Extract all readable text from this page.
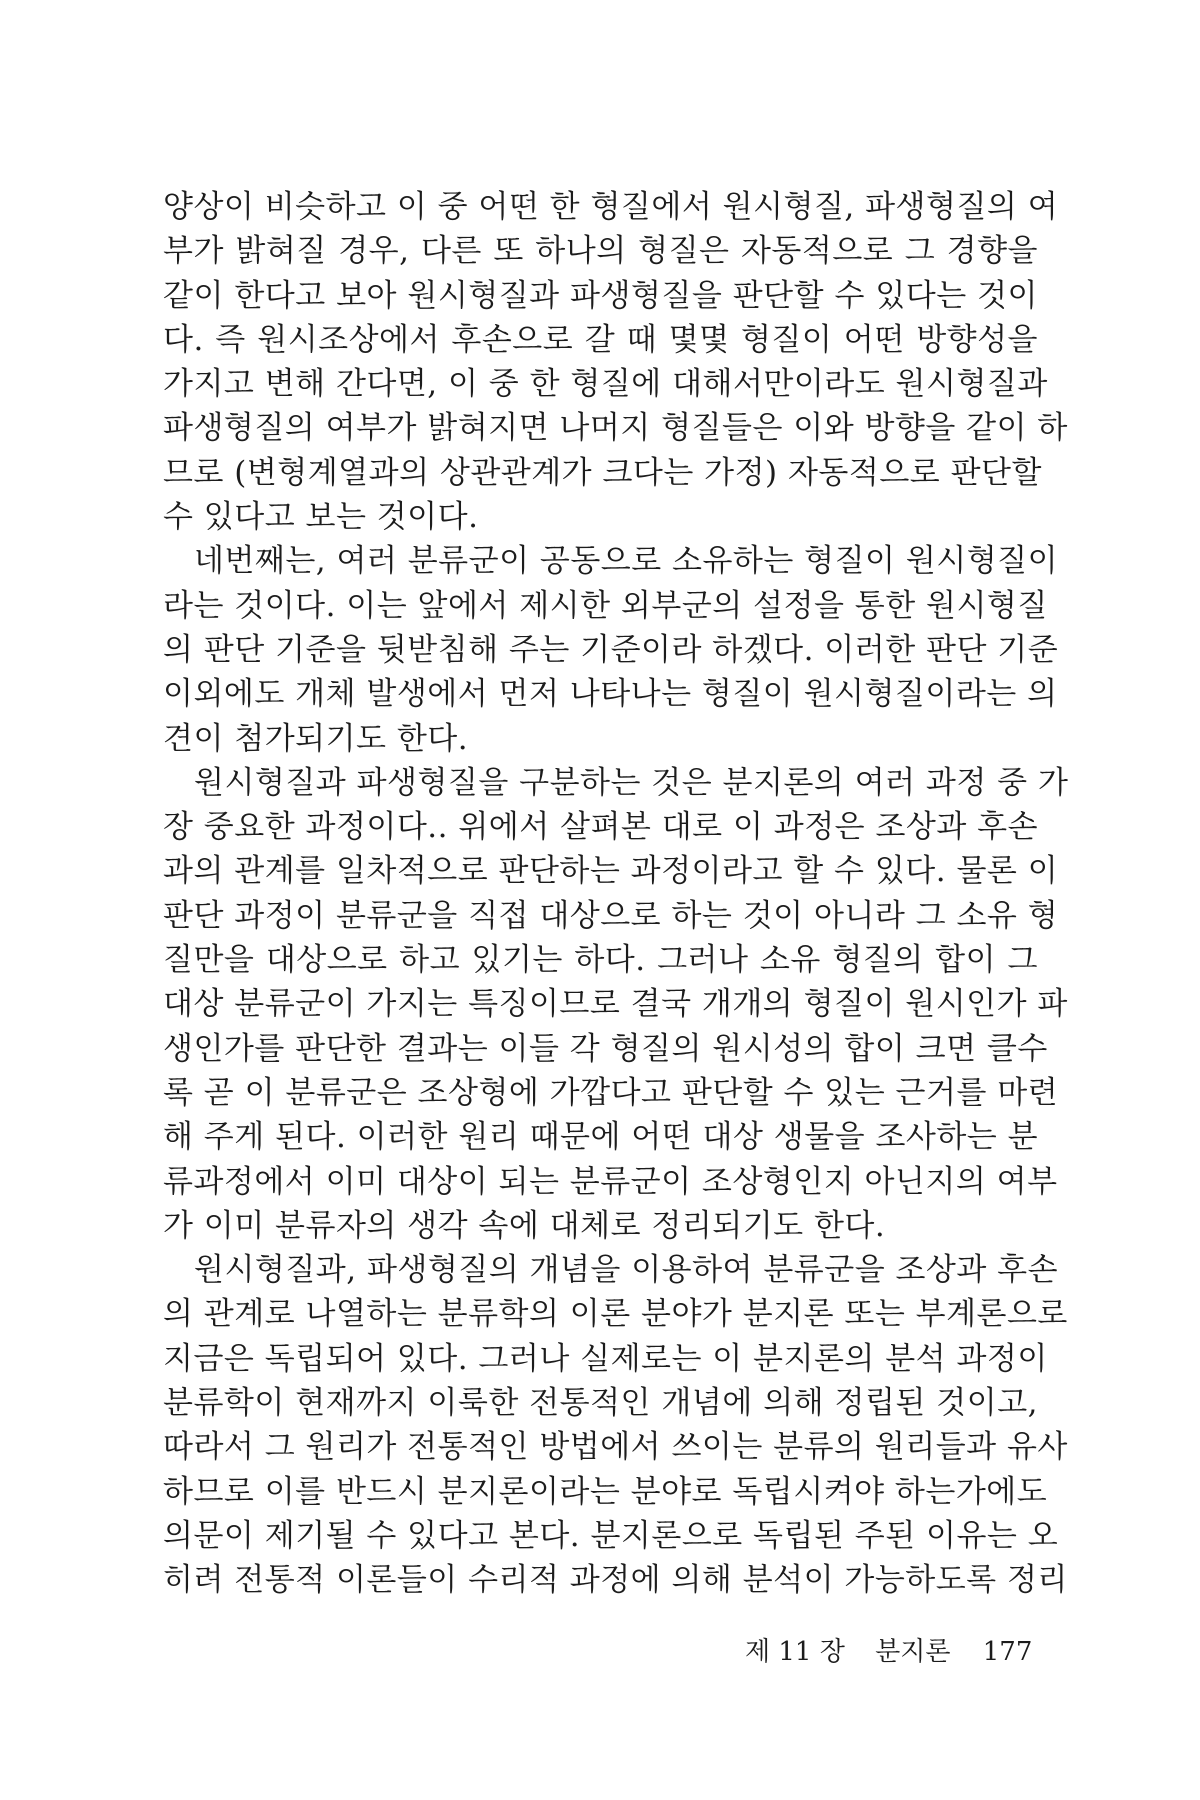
양상이 비슷하고 이 중 어떤 한 형질에서 원시형질, 파생형질의 여
부가 밝혀질 경우, 다른 또 하나의 형질은 자동적으로 그 경향을
같이 한다고 보아 원시형질과 파생형질을 판단할 수 있다는 것이
다. 즉 원시조상에서 후손으로 갈 때 몇몇 형질이 어떤 방향성을
가지고 변해 간다면, 이 중 한 형질에 대해서만이라도 원시형질과
파생형질의 여부가 밝혀지면 나머지 형질들은 이와 방향을 같이 하
므로 (변형계열과의 상관관계가 크다는 가정) 자동적으로 판단할
수 있다고 보는 것이다.
네번째는, 여러 분류군이 공동으로 소유하는 형질이 원시형질이
라는 것이다. 이는 앞에서 제시한 외부군의 설정을 통한 원시형질
의 판단 기준을 뒷받침해 주는 기준이라 하겠다. 이러한 판단 기준
이외에도 개체 발생에서 먼저 나타나는 형질이 원시형질이라는 의
견이 첨가되기도 한다.
원시형질과 파생형질을 구분하는 것은 분지론의 여러 과정 중 가
장 중요한 과정이다.. 위에서 살펴본 대로 이 과정은 조상과 후손
과의 관계를 일차적으로 판단하는 과정이라고 할 수 있다. 물론 이
판단 과정이 분류군을 직접 대상으로 하는 것이 아니라 그 소유 형
질만을 대상으로 하고 있기는 하다. 그러나 소유 형질의 합이 그
대상 분류군이 가지는 특징이므로 결국 개개의 형질이 원시인가 파
생인가를 판단한 결과는 이들 각 형질의 원시성의 합이 크면 클수
록 곧 이 분류군은 조상형에 가깝다고 판단할 수 있는 근거를 마련
해 주게 된다. 이러한 원리 때문에 어떤 대상 생물을 조사하는 분
류과정에서 이미 대상이 되는 분류군이 조상형인지 아닌지의 여부
가 이미 분류자의 생각 속에 대체로 정리되기도 한다.
원시형질과, 파생형질의 개념을 이용하여 분류군을 조상과 후손
의 관계로 나열하는 분류학의 이론 분야가 분지론 또는 부계론으로
지금은 독립되어 있다. 그러나 실제로는 이 분지론의 분석 과정이
분류학이 현재까지 이룩한 전통적인 개념에 의해 정립된 것이고,
따라서 그 원리가 전통적인 방법에서 쓰이는 분류의 원리들과 유사
하므로 이를 반드시 분지론이라는 분야로 독립시켜야 하는가에도
의문이 제기될 수 있다고 본다. 분지론으로 독립된 주된 이유는 오
히려 전통적 이론들이 수리적 과정에 의해 분석이 가능하도록 정리
제 11 장 분지론 177
